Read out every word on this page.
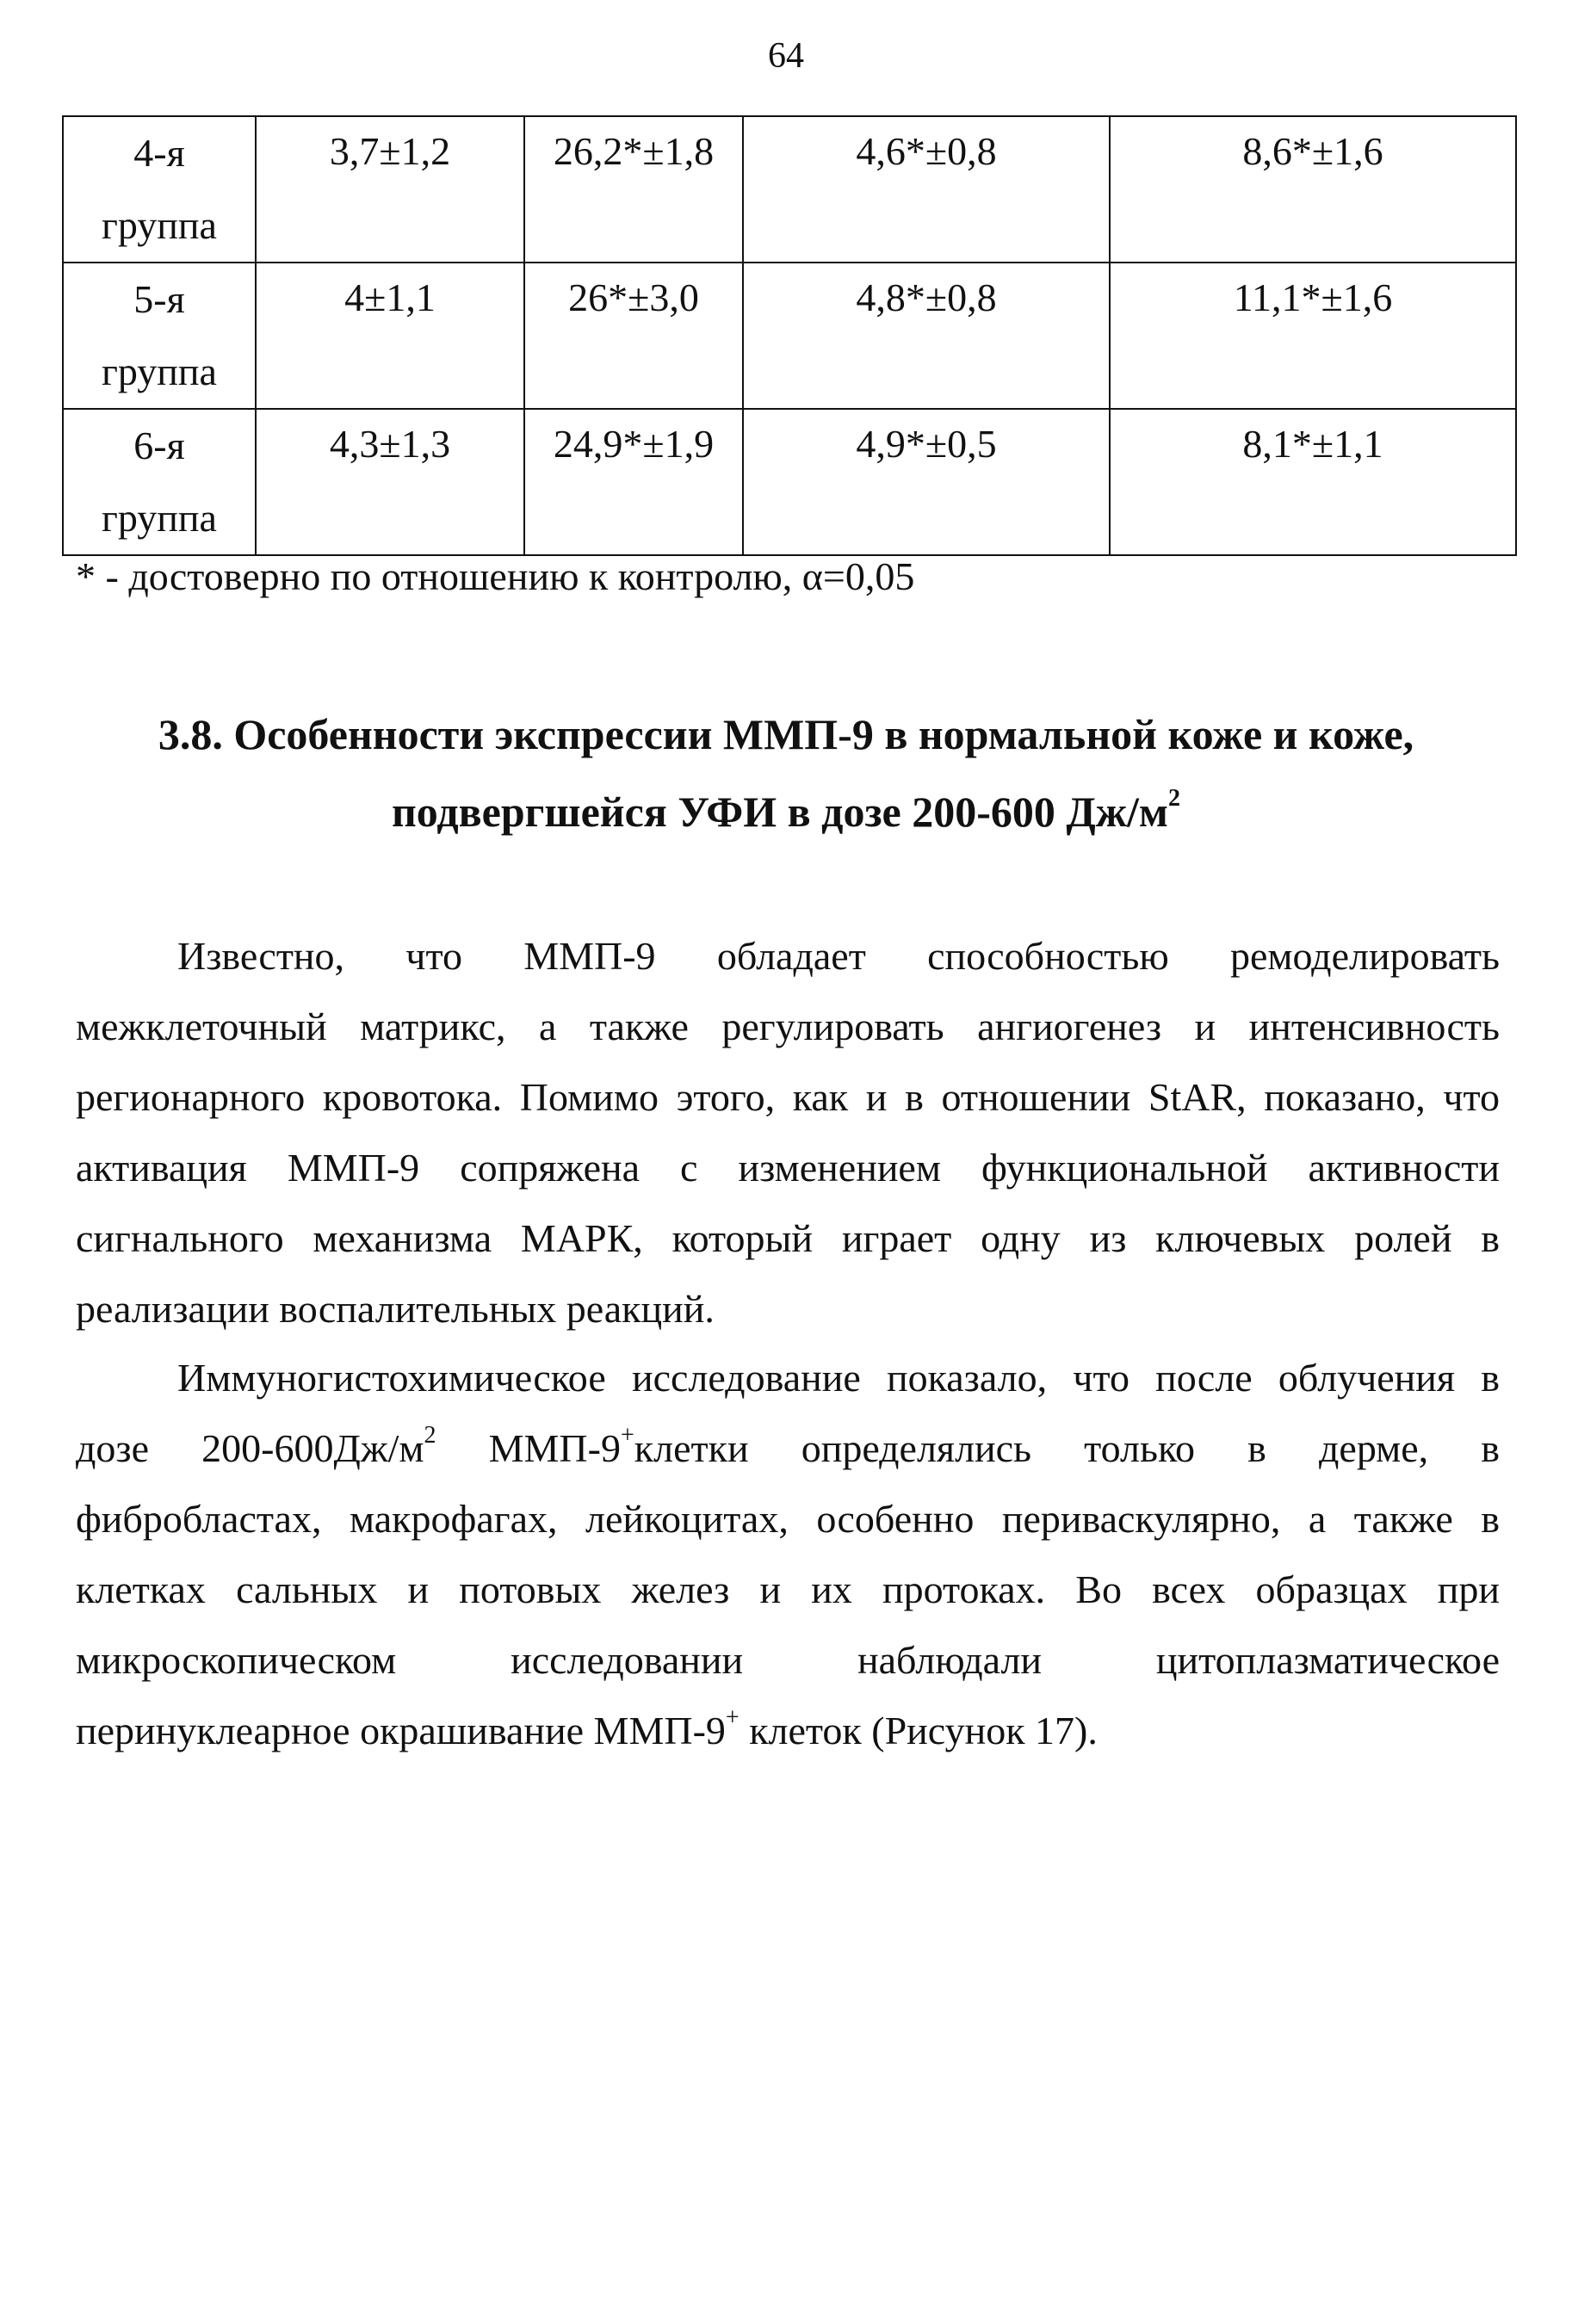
64
4-я
группа	3,7±1,2	26,2*±1,8	4,6*±0,8	8,6*±1,6
5-я
группа	4±1,1	26*±3,0	4,8*±0,8	11,1*±1,6
6-я
группа	4,3±1,3	24,9*±1,9	4,9*±0,5	8,1*±1,1
* - достоверно по отношению к контролю, α=0,05
3.8. Особенности экспрессии ММП-9 в нормальной коже и коже,
подвергшейся УФИ в дозе 200-600 $Дж/м^2$
Известно, что ММП-9 обладает способностью ремоделировать
межклеточный матрикс, а также регулировать ангиогенез и интенсивность
регионарного кровотока. Помимо этого, как и в отношении StAR, показано, что
активация ММП-9 сопряжена с изменением функциональной активности
сигнального механизма МАРК, который играет одну из ключевых ролей в
реализации воспалительных реакций.
Иммуногистохимическое исследование показало, что после облучения в
дозе $200-600Дж/м^2$ ММП-9+клетки определялись только в дерме, в
фибробластах, макрофагах, лейкоцитах, особенно периваскулярно, а также в
клетках сальных и потовых желез и их протоках. Во всех образцах при
микроскопическом исследовании наблюдали цитоплазматическое
перинуклеарное окрашивание ММП-9+ клеток (Рисунок 17).
